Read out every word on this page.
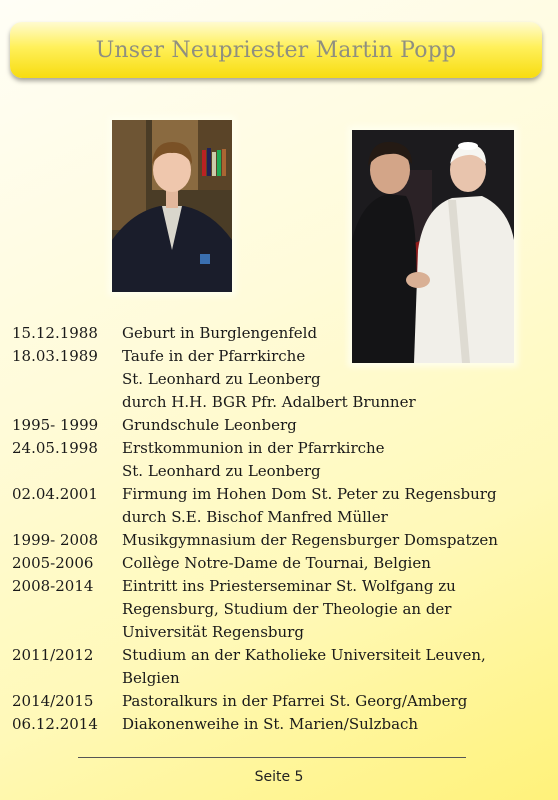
Unser Neupriester Martin Popp
15.12.1988	Geburt in Burglengenfeld
18.03.1989	Taufe in der Pfarrkirche
St. Leonhard zu Leonberg
durch H.H. BGR Pfr. Adalbert Brunner
1995- 1999	Grundschule Leonberg
24.05.1998	Erstkommunion in der Pfarrkirche
St. Leonhard zu Leonberg
02.04.2001	Firmung im Hohen Dom St. Peter zu Regensburg
durch S.E. Bischof Manfred Müller
1999- 2008	Musikgymnasium der Regensburger Domspatzen
2005-2006	Collège Notre-Dame de Tournai, Belgien
2008-2014	Eintritt ins Priesterseminar St. Wolfgang zu
Regensburg, Studium der Theologie an der
Universität Regensburg
2011/2012	Studium an der Katholieke Universiteit Leuven,
Belgien
2014/2015	Pastoralkurs in der Pfarrei St. Georg/Amberg
06.12.2014	Diakonenweihe in St. Marien/Sulzbach
Seite 5
